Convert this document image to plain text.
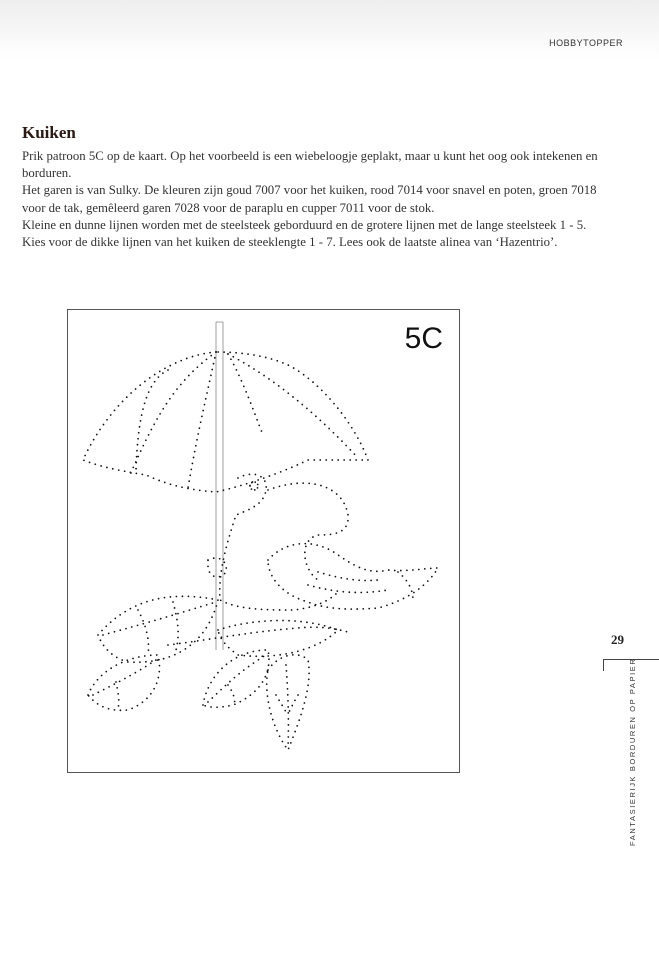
HOBBYTOPPER
Kuiken

Prik patroon 5C op de kaart. Op het voorbeeld is een wiebeloogje geplakt, maar u kunt het oog ook intekenen en borduren.

Het garen is van Sulky. De kleuren zijn goud 7007 voor het kuiken, rood 7014 voor snavel en poten, groen 7018 voor de tak, gemêleerd garen 7028 voor de paraplu en cupper 7011 voor de stok.

Kleine en dunne lijnen worden met de steelsteek geborduurd en de grotere lijnen met de lange steelsteek 1 - 5. Kies voor de dikke lijnen van het kuiken de steeklengte 1 - 7. Lees ook de laatste alinea van ‘Hazentrio’.

5C
29
FANTASIERIJK BORDUREN OP PAPIER
